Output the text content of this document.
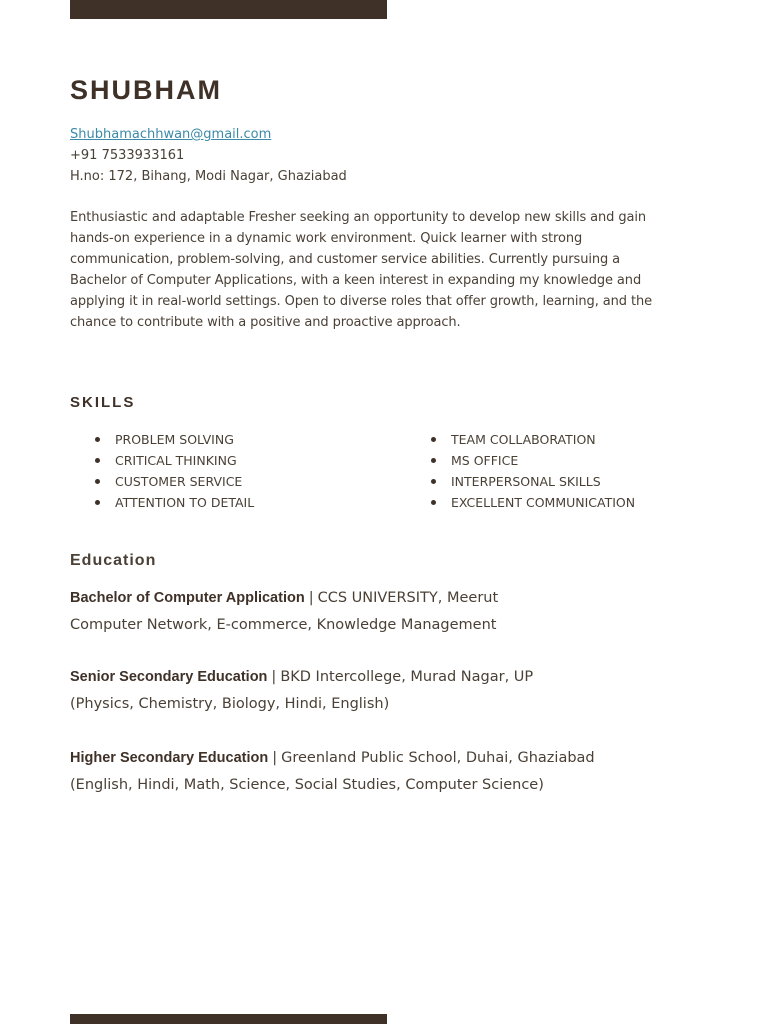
SHUBHAM
Shubhamachhwan@gmail.com
+91 7533933161
H.no: 172, Bihang, Modi Nagar, Ghaziabad

Enthusiastic and adaptable Fresher seeking an opportunity to develop new skills and gain hands-on experience in a dynamic work environment. Quick learner with strong communication, problem-solving, and customer service abilities. Currently pursuing a Bachelor of Computer Applications, with a keen interest in expanding my knowledge and applying it in real-world settings. Open to diverse roles that offer growth, learning, and the chance to contribute with a positive and proactive approach.

SKILLS
PROBLEM SOLVING
CRITICAL THINKING
CUSTOMER SERVICE
ATTENTION TO DETAIL
TEAM COLLABORATION
MS OFFICE
INTERPERSONAL SKILLS
EXCELLENT COMMUNICATION
Education
Bachelor of Computer Application | CCS UNIVERSITY, Meerut
Computer Network, E-commerce, Knowledge Management
Senior Secondary Education | BKD Intercollege, Murad Nagar, UP
(Physics, Chemistry, Biology, Hindi, English)
Higher Secondary Education | Greenland Public School, Duhai, Ghaziabad
(English, Hindi, Math, Science, Social Studies, Computer Science)
